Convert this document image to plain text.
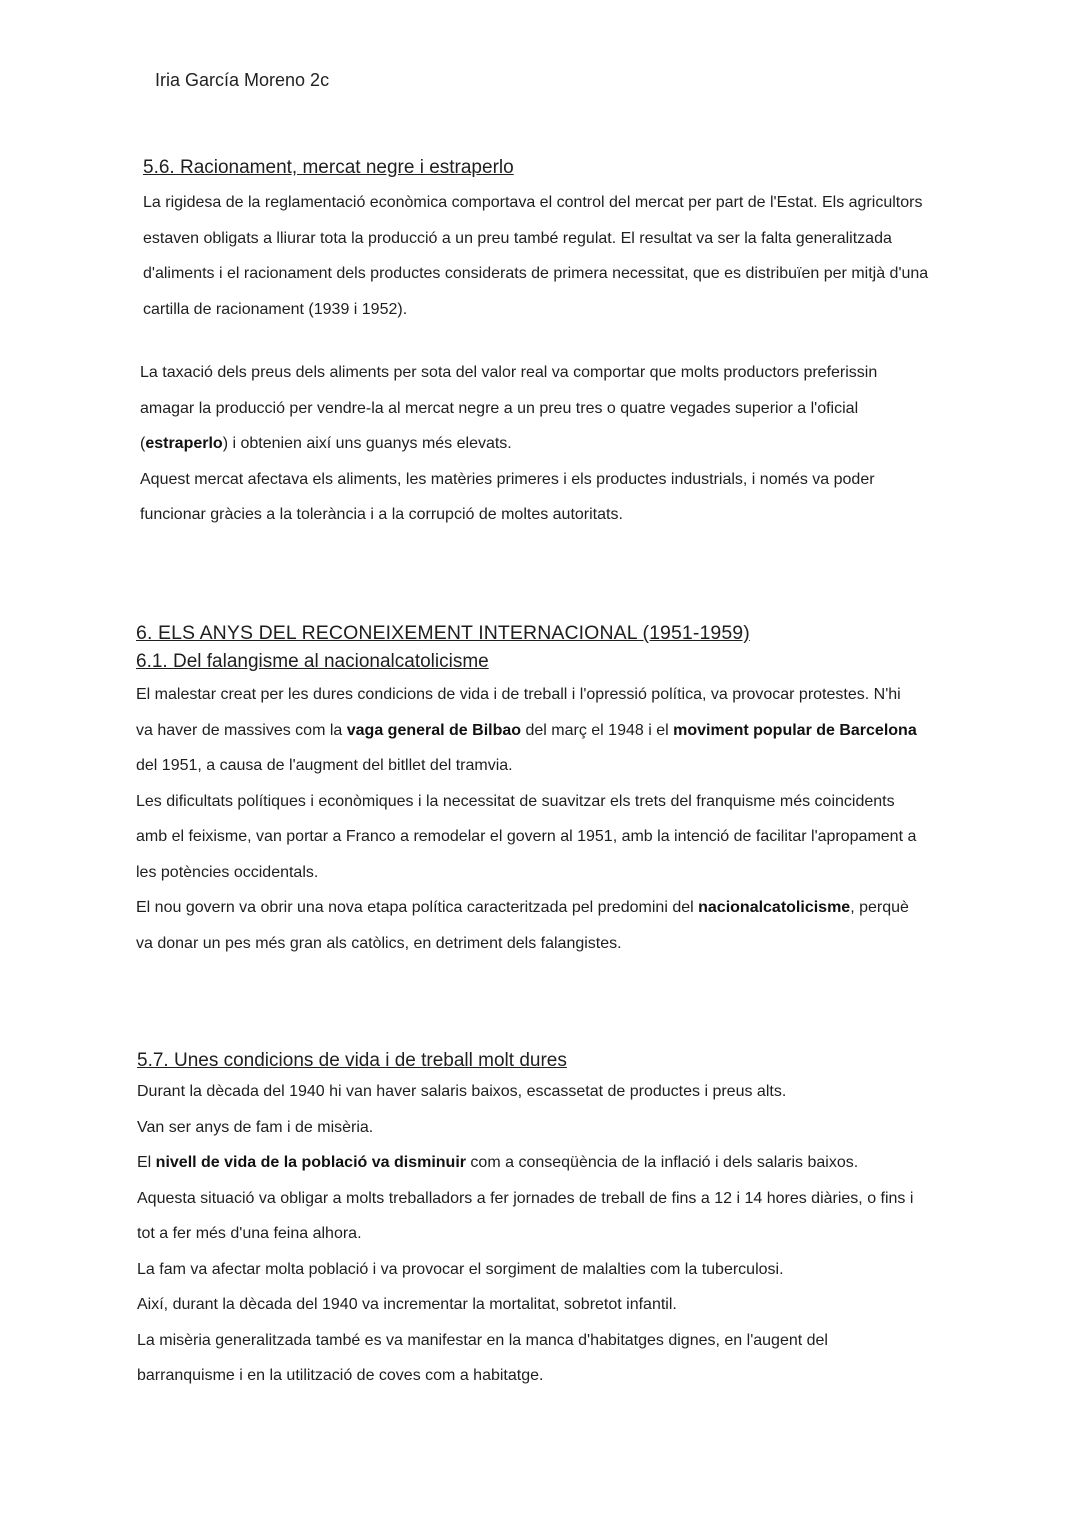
Iria García Moreno 2c
5.6. Racionament, mercat negre i estraperlo

La rigidesa de la reglamentació econòmica comportava el control del mercat per part de l'Estat. Els agricultors estaven obligats a lliurar tota la producció a un preu també regulat. El resultat va ser la falta generalitzada d'aliments i el racionament dels productes considerats de primera necessitat, que es distribuïen per mitjà d'una cartilla de racionament (1939 i 1952).

La taxació dels preus dels aliments per sota del valor real va comportar que molts productors preferissin amagar la producció per vendre-la al mercat negre a un preu tres o quatre vegades superior a l'oficial (estraperlo) i obtenien així uns guanys més elevats.

Aquest mercat afectava els aliments, les matèries primeres i els productes industrials, i només va poder funcionar gràcies a la tolerància i a la corrupció de moltes autoritats.

6. ELS ANYS DEL RECONEIXEMENT INTERNACIONAL (1951-1959)
6.1. Del falangisme al nacionalcatolicisme

El malestar creat per les dures condicions de vida i de treball i l'opressió política, va provocar protestes. N'hi va haver de massives com la vaga general de Bilbao del març el 1948 i el moviment popular de Barcelona del 1951, a causa de l'augment del bitllet del tramvia.

Les dificultats polítiques i econòmiques i la necessitat de suavitzar els trets del franquisme més coincidents amb el feixisme, van portar a Franco a remodelar el govern al 1951, amb la intenció de facilitar l'apropament a les potències occidentals.

El nou govern va obrir una nova etapa política caracteritzada pel predomini del nacionalcatolicisme, perquè va donar un pes més gran als catòlics, en detriment dels falangistes.

5.7. Unes condicions de vida i de treball molt dures

Durant la dècada del 1940 hi van haver salaris baixos, escassetat de productes i preus alts.

Van ser anys de fam i de misèria.

El nivell de vida de la població va disminuir com a conseqüència de la inflació i dels salaris baixos.

Aquesta situació va obligar a molts treballadors a fer jornades de treball de fins a 12 i 14 hores diàries, o fins i tot a fer més d'una feina alhora.

La fam va afectar molta població i va provocar el sorgiment de malalties com la tuberculosi.

Així, durant la dècada del 1940 va incrementar la mortalitat, sobretot infantil.

La misèria generalitzada també es va manifestar en la manca d'habitatges dignes, en l'augent del barranquisme i en la utilització de coves com a habitatge.
